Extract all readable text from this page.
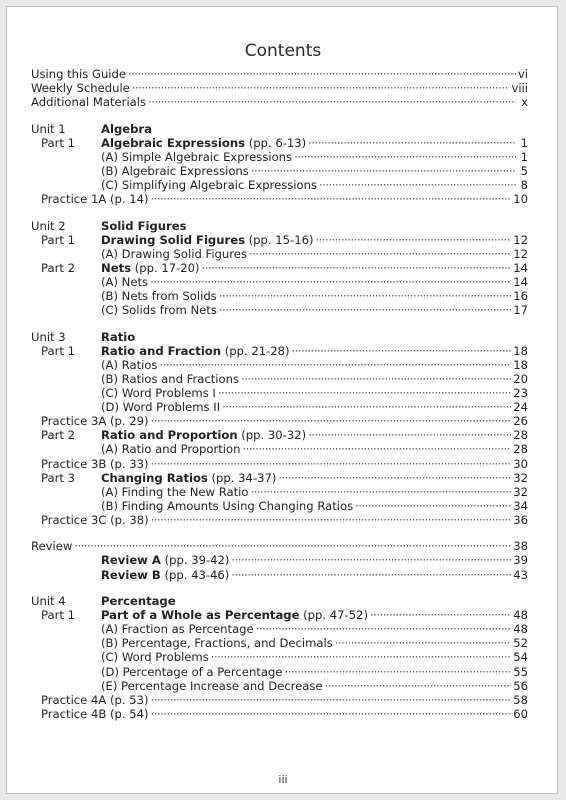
Contents
Using this Guide ·····	vi
Weekly Schedule ·····	viii
Additional Materials ·····	x
Unit 1	Algebra
Part 1	Algebraic Expressions (pp. 6-13) ·····	1
(A) Simple Algebraic Expressions ·····	1
(B) Algebraic Expressions ·····	5
(C) Simplifying Algebraic Expressions ·····	8
Practice 1A (p. 14) ·····	10
Unit 2	Solid Figures
Part 1	Drawing Solid Figures (pp. 15-16) ·····	12
(A) Drawing Solid Figures ·····	12
Part 2	Nets (pp. 17-20) ·····	14
(A) Nets ·····	14
(B) Nets from Solids ·····	16
(C) Solids from Nets ·····	17
Unit 3	Ratio
Part 1	Ratio and Fraction (pp. 21-28) ·····	18
(A) Ratios ·····	18
(B) Ratios and Fractions ·····	20
(C) Word Problems I ·····	23
(D) Word Problems II ·····	24
Practice 3A (p. 29) ·····	26
Part 2	Ratio and Proportion (pp. 30-32) ·····	28
(A) Ratio and Proportion ·····	28
Practice 3B (p. 33) ·····	30
Part 3	Changing Ratios (pp. 34-37) ·····	32
(A) Finding the New Ratio ·····	32
(B) Finding Amounts Using Changing Ratios ·····	34
Practice 3C (p. 38) ·····	36
Review ·····	38
Review A (pp. 39-42) ·····	39
Review B (pp. 43-46) ·····	43
Unit 4	Percentage
Part 1	Part of a Whole as Percentage (pp. 47-52) ·····	48
(A) Fraction as Percentage ·····	48
(B) Percentage, Fractions, and Decimals ·····	52
(C) Word Problems ·····	54
(D) Percentage of a Percentage ·····	55
(E) Percentage Increase and Decrease ·····	56
Practice 4A (p. 53) ·····	58
Practice 4B (p. 54) ·····	60
iii
